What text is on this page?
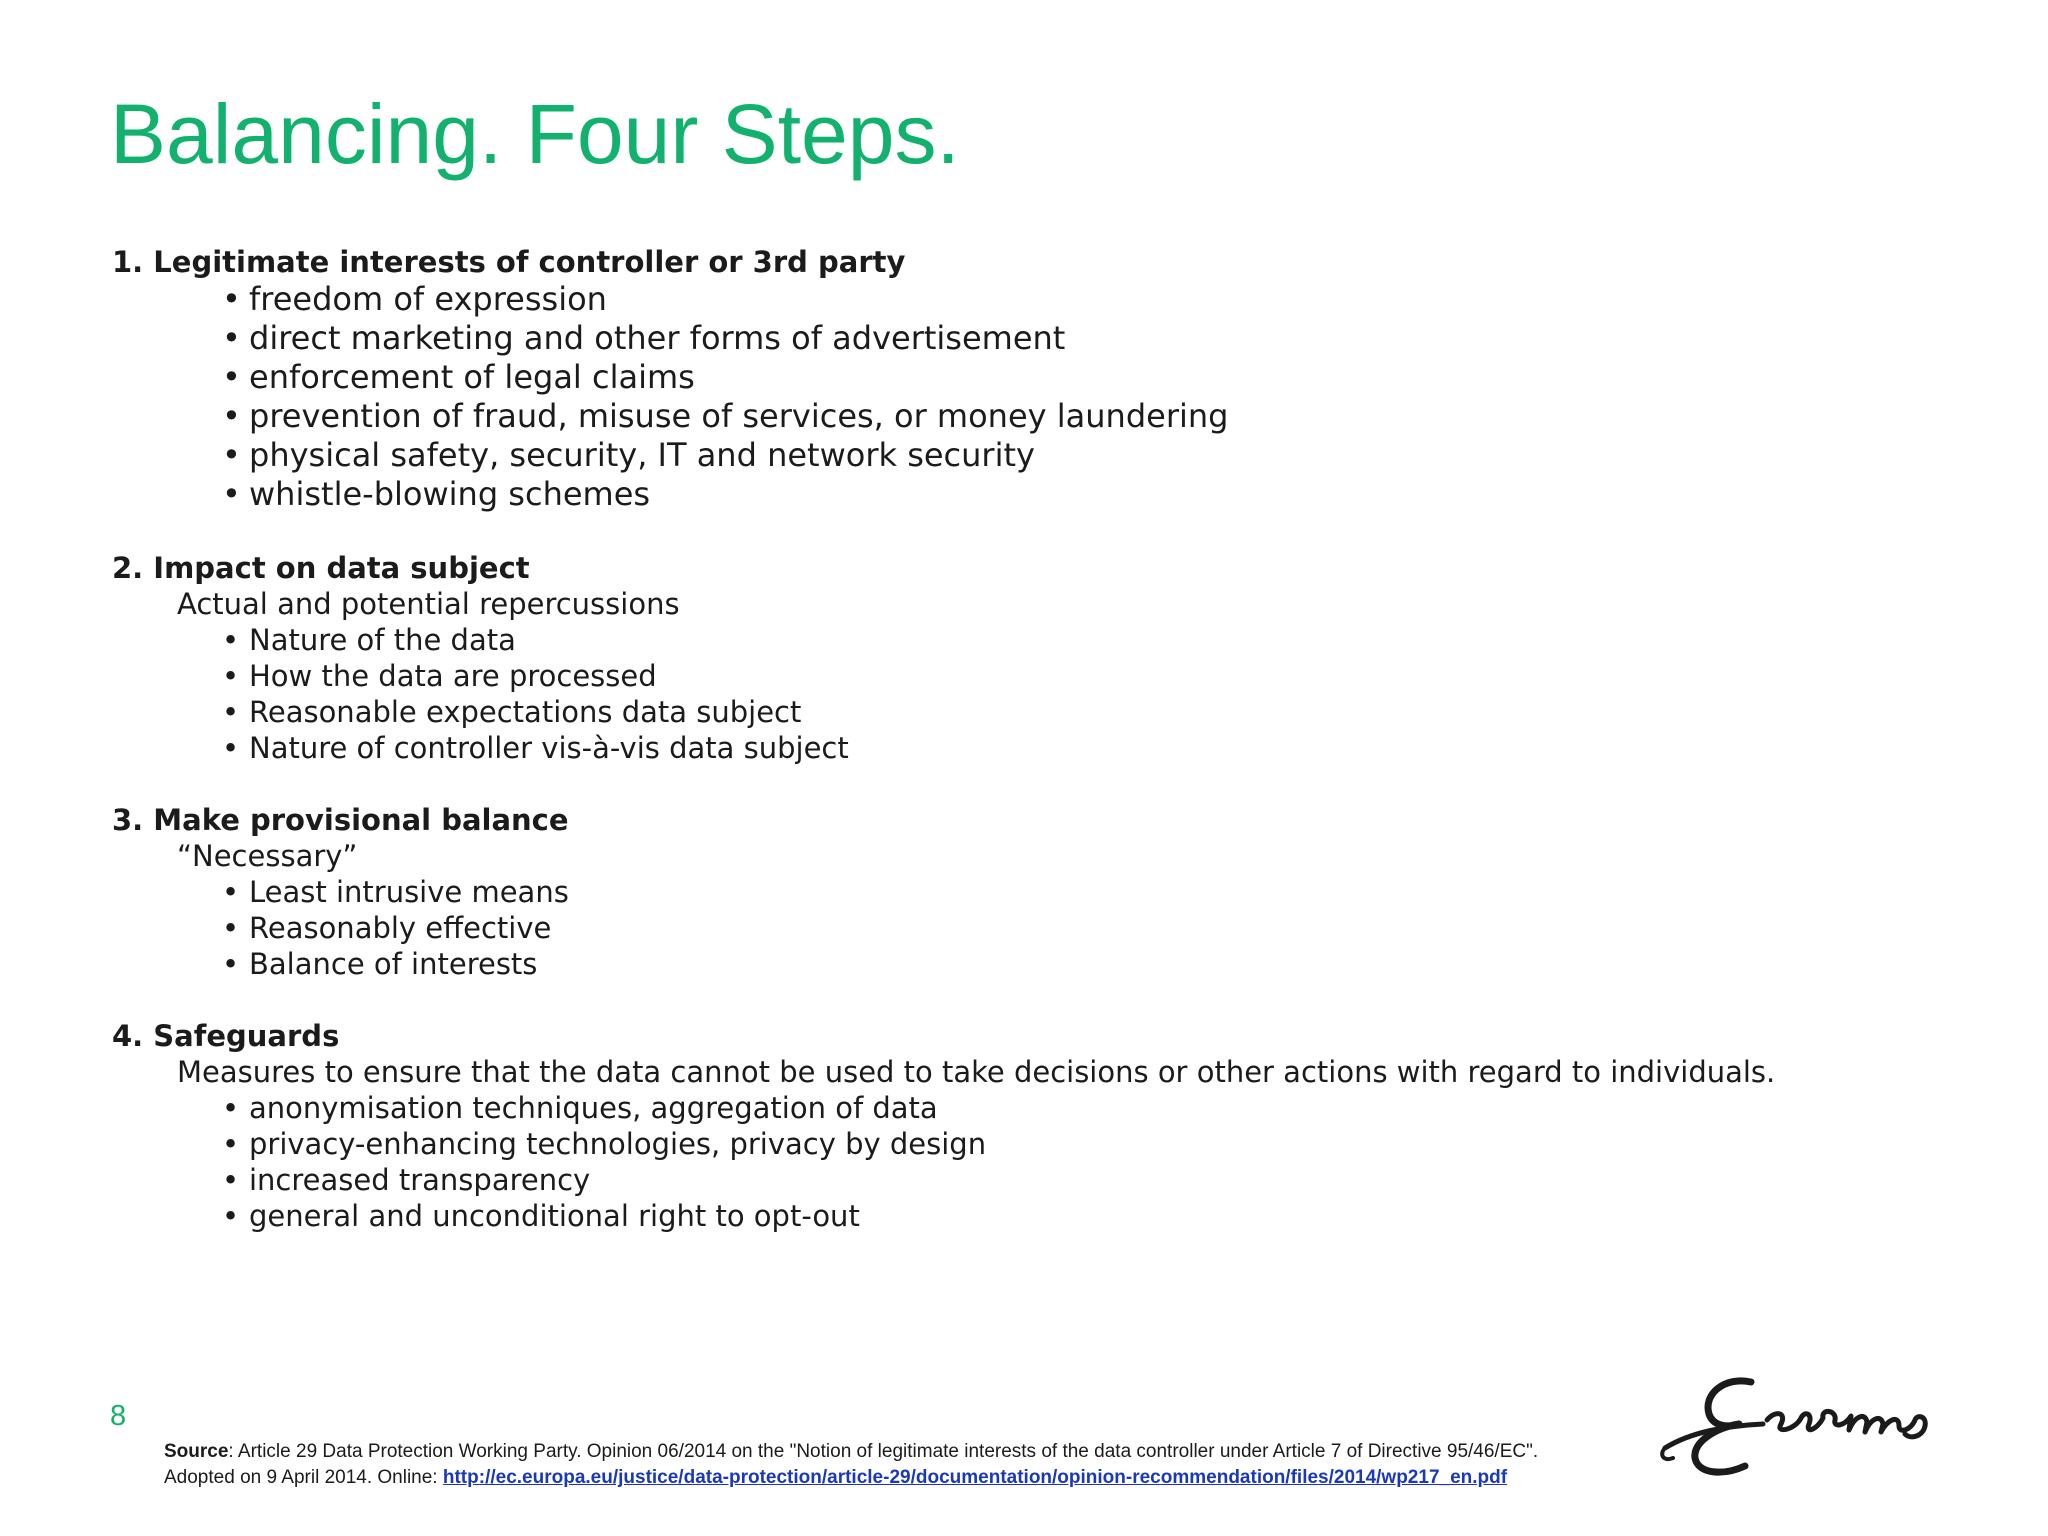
Balancing. Four Steps.

1. Legitimate interests of controller or 3rd party

• freedom of expression
• direct marketing and other forms of advertisement
• enforcement of legal claims
• prevention of fraud, misuse of services, or money laundering
• physical safety, security, IT and network security
• whistle-blowing schemes

2. Impact on data subject

Actual and potential repercussions

• Nature of the data
• How the data are processed
• Reasonable expectations data subject
• Nature of controller vis-à-vis data subject

3. Make provisional balance

“Necessary”

• Least intrusive means
• Reasonably effective
• Balance of interests

4. Safeguards

Measures to ensure that the data cannot be used to take decisions or other actions with regard to individuals.

• anonymisation techniques, aggregation of data
• privacy-enhancing technologies, privacy by design
• increased transparency
• general and unconditional right to opt-out
8
Source: Article 29 Data Protection Working Party. Opinion 06/2014 on the "Notion of legitimate interests of the data controller under Article 7 of Directive 95/46/EC".
Adopted on 9 April 2014. Online: http://ec.europa.eu/justice/data-protection/article-29/documentation/opinion-recommendation/files/2014/wp217_en.pdf
